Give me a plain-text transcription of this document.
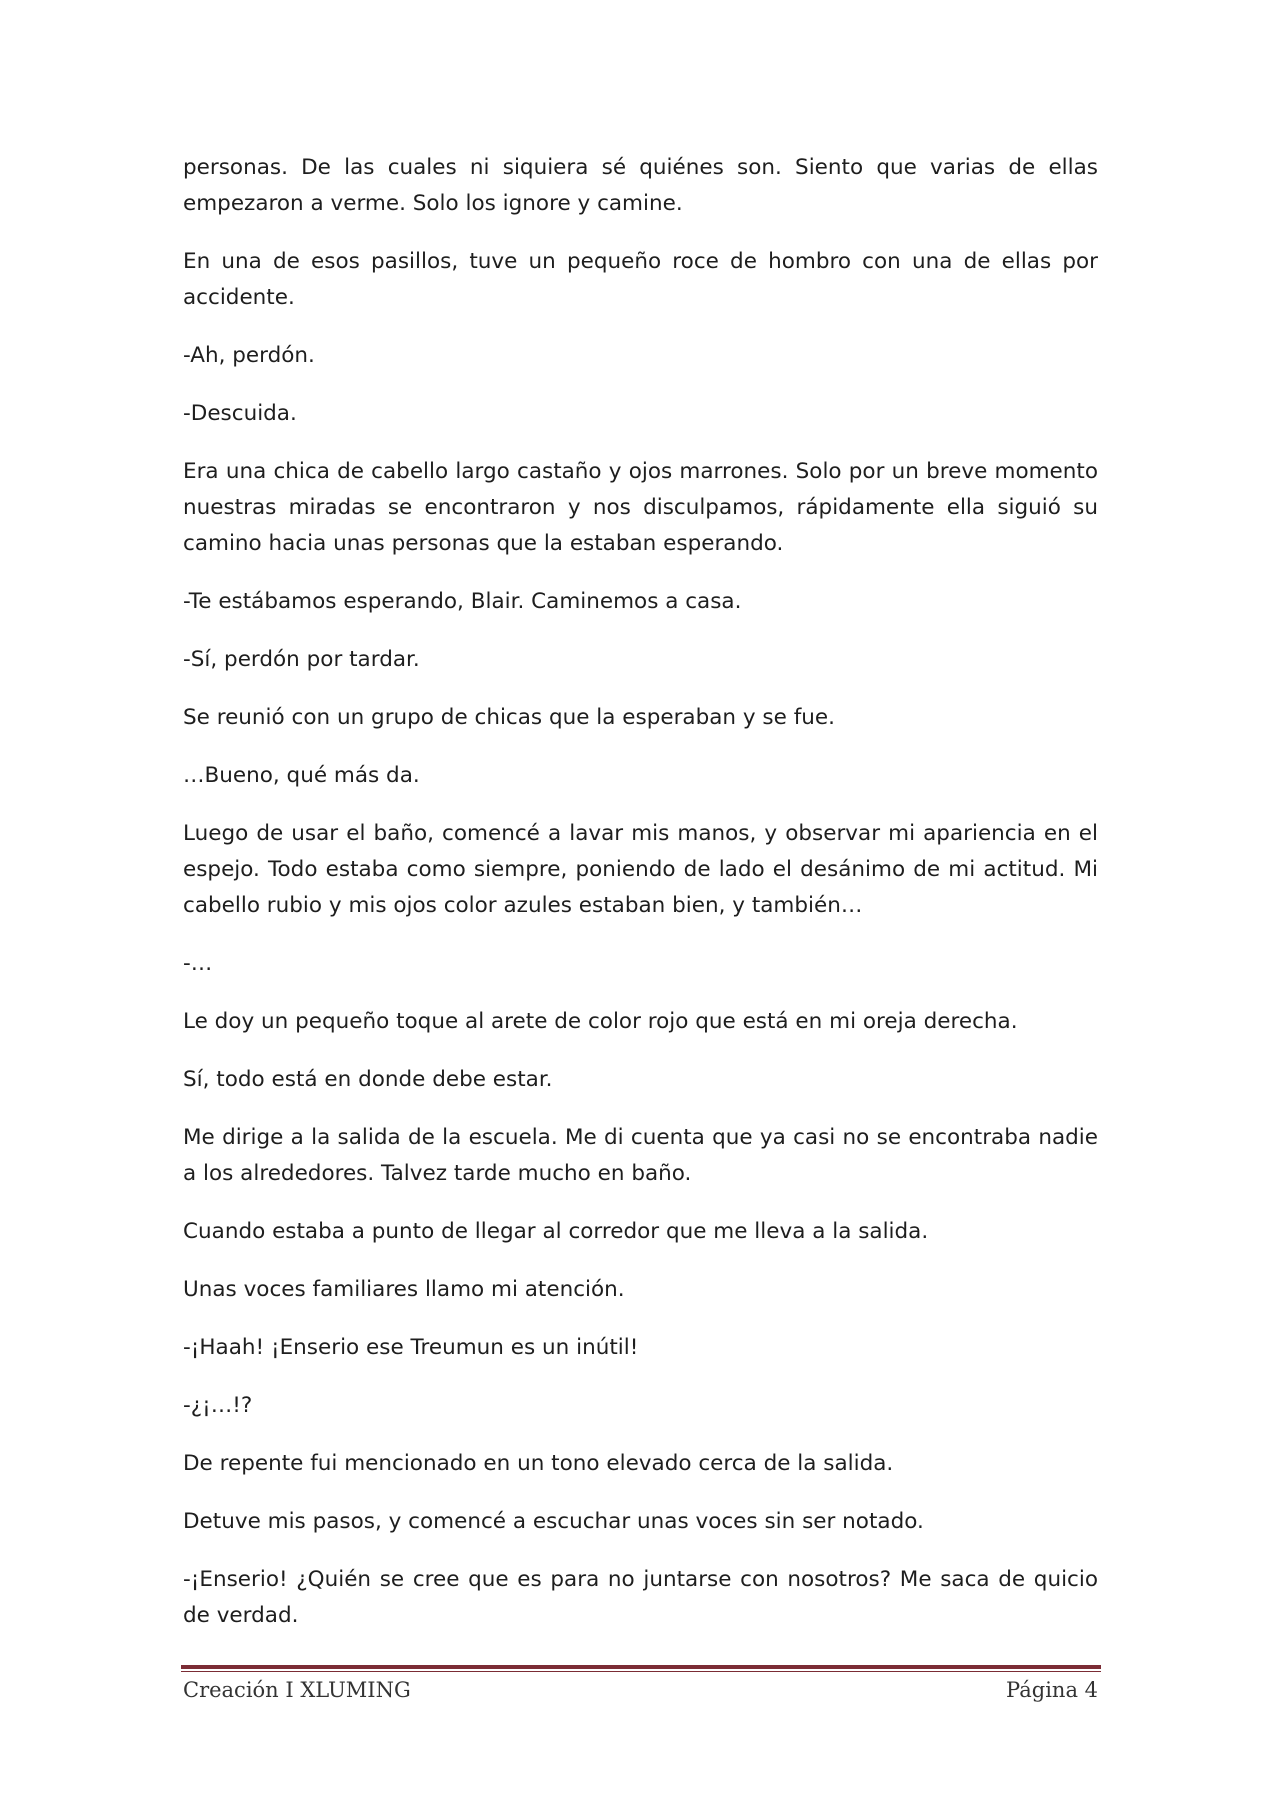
personas. De las cuales ni siquiera sé quiénes son. Siento que varias de ellas empezaron a verme. Solo los ignore y camine.

En una de esos pasillos, tuve un pequeño roce de hombro con una de ellas por accidente.

-Ah, perdón.

-Descuida.

Era una chica de cabello largo castaño y ojos marrones. Solo por un breve momento nuestras miradas se encontraron y nos disculpamos, rápidamente ella siguió su camino hacia unas personas que la estaban esperando.

-Te estábamos esperando, Blair. Caminemos a casa.

-Sí, perdón por tardar.

Se reunió con un grupo de chicas que la esperaban y se fue.

…Bueno, qué más da.

Luego de usar el baño, comencé a lavar mis manos, y observar mi apariencia en el espejo. Todo estaba como siempre, poniendo de lado el desánimo de mi actitud. Mi cabello rubio y mis ojos color azules estaban bien, y también…

-…

Le doy un pequeño toque al arete de color rojo que está en mi oreja derecha.

Sí, todo está en donde debe estar.

Me dirige a la salida de la escuela. Me di cuenta que ya casi no se encontraba nadie a los alrededores. Talvez tarde mucho en baño.

Cuando estaba a punto de llegar al corredor que me lleva a la salida.

Unas voces familiares llamo mi atención.

-¡Haah! ¡Enserio ese Treumun es un inútil!

-¿¡…!?

De repente fui mencionado en un tono elevado cerca de la salida.

Detuve mis pasos, y comencé a escuchar unas voces sin ser notado.

-¡Enserio! ¿Quién se cree que es para no juntarse con nosotros? Me saca de quicio de verdad.

Creación I XLUMING	Página 4
